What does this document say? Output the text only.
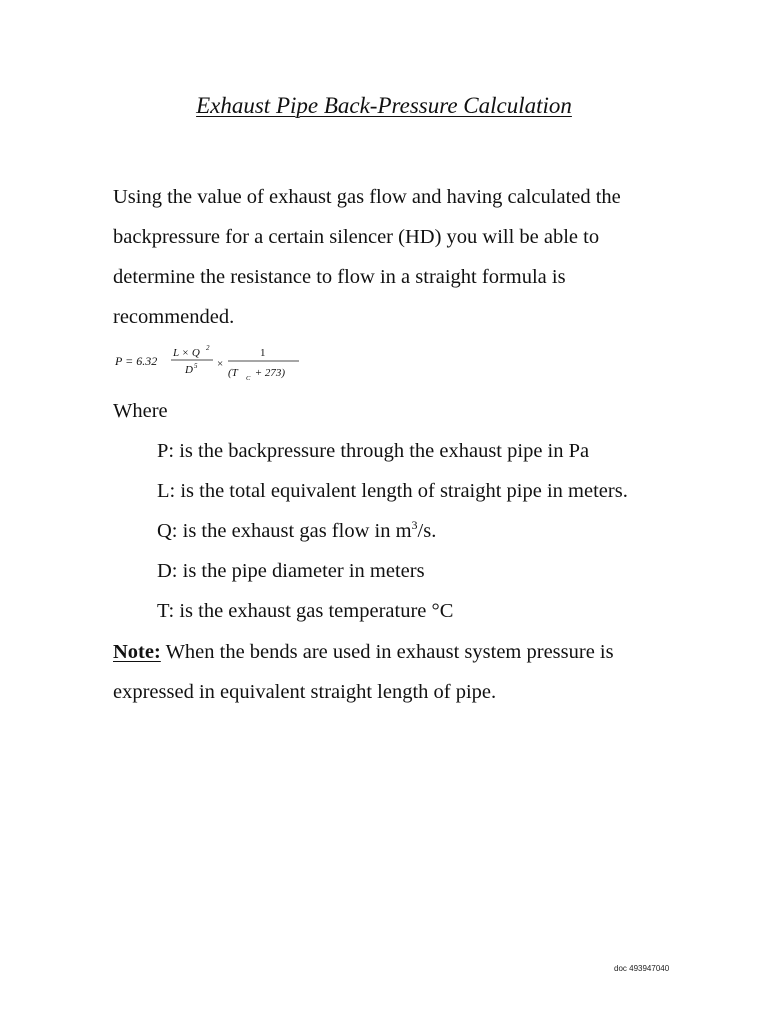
Exhaust Pipe Back-Pressure Calculation

Using the value of exhaust gas flow and having calculated the
backpressure for a certain silencer (HD) you will be able to
determine the resistance to flow in a straight formula is
recommended.

P = 6.32
L × Q 2
D 5 ×
1
(T C + 273)

Where

P: is the backpressure through the exhaust pipe in Pa
L: is the total equivalent length of straight pipe in meters.
Q: is the exhaust gas flow in $m^3/s$.
D: is the pipe diameter in meters
T: is the exhaust gas temperature °C

Note: When the bends are used in exhaust system pressure is
expressed in equivalent straight length of pipe.

doc 493947040
